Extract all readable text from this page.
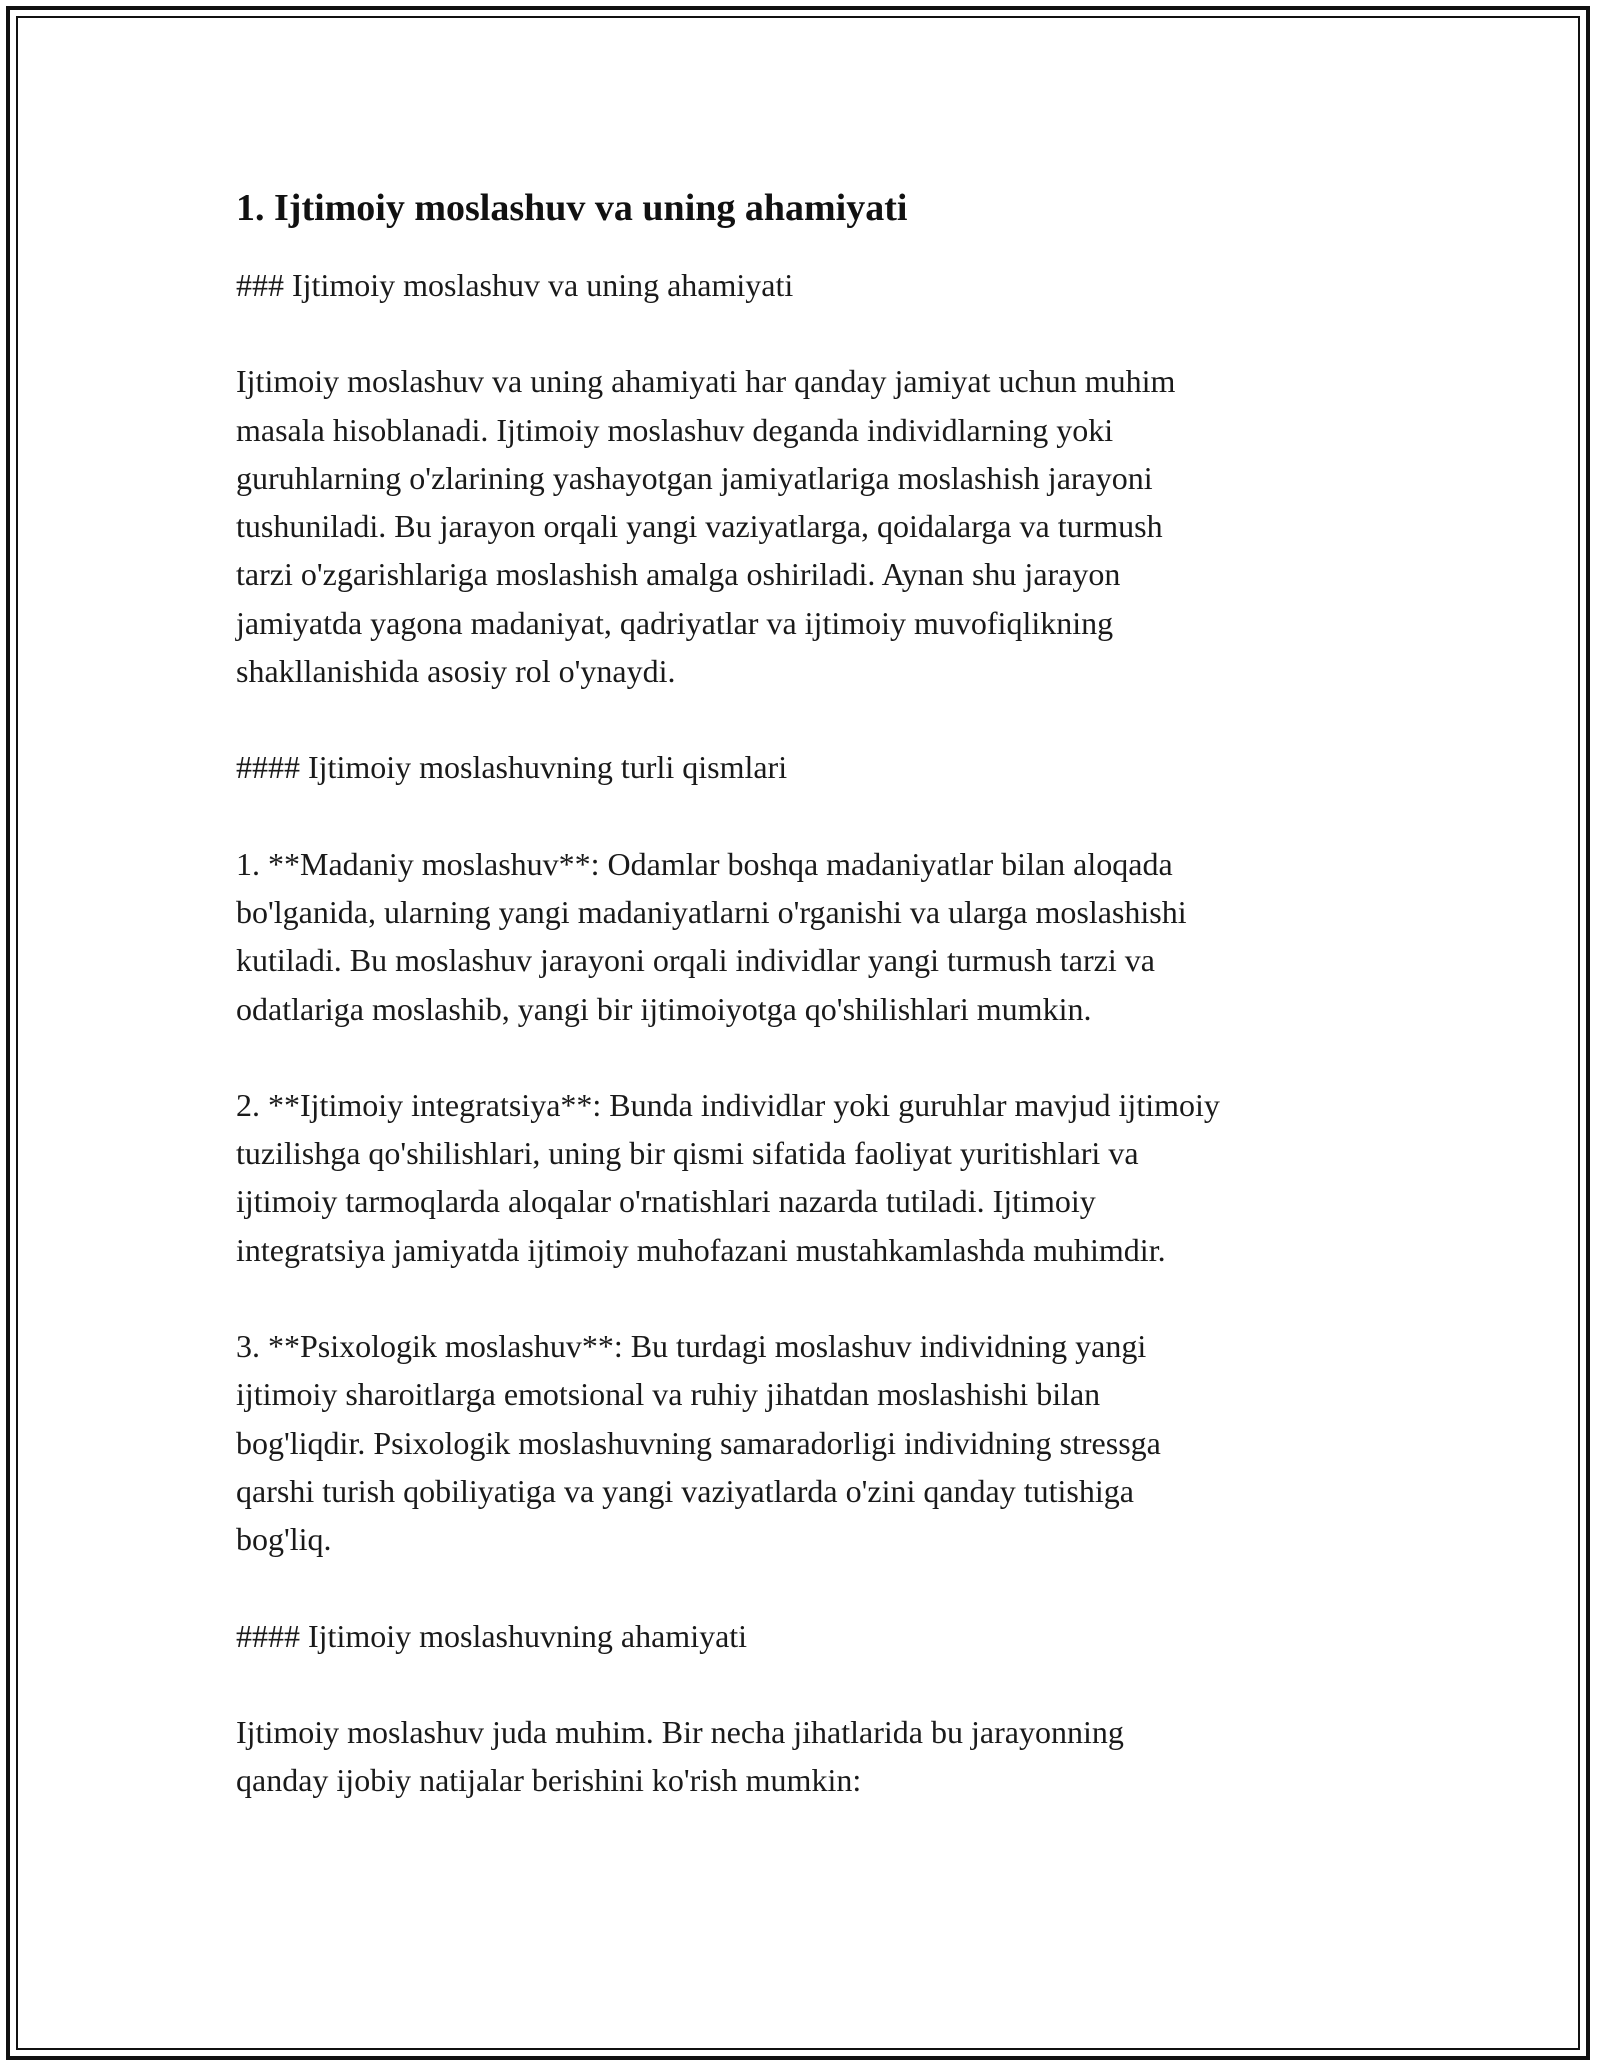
1. Ijtimoiy moslashuv va uning ahamiyati

### Ijtimoiy moslashuv va uning ahamiyati

Ijtimoiy moslashuv va uning ahamiyati har qanday jamiyat uchun muhim
masala hisoblanadi. Ijtimoiy moslashuv deganda individlarning yoki
guruhlarning o'zlarining yashayotgan jamiyatlariga moslashish jarayoni
tushuniladi. Bu jarayon orqali yangi vaziyatlarga, qoidalarga va turmush
tarzi o'zgarishlariga moslashish amalga oshiriladi. Aynan shu jarayon
jamiyatda yagona madaniyat, qadriyatlar va ijtimoiy muvofiqlikning
shakllanishida asosiy rol o'ynaydi.

#### Ijtimoiy moslashuvning turli qismlari

1. **Madaniy moslashuv**: Odamlar boshqa madaniyatlar bilan aloqada
bo'lganida, ularning yangi madaniyatlarni o'rganishi va ularga moslashishi
kutiladi. Bu moslashuv jarayoni orqali individlar yangi turmush tarzi va
odatlariga moslashib, yangi bir ijtimoiyotga qo'shilishlari mumkin.

2. **Ijtimoiy integratsiya**: Bunda individlar yoki guruhlar mavjud ijtimoiy
tuzilishga qo'shilishlari, uning bir qismi sifatida faoliyat yuritishlari va
ijtimoiy tarmoqlarda aloqalar o'rnatishlari nazarda tutiladi. Ijtimoiy
integratsiya jamiyatda ijtimoiy muhofazani mustahkamlashda muhimdir.

3. **Psixologik moslashuv**: Bu turdagi moslashuv individning yangi
ijtimoiy sharoitlarga emotsional va ruhiy jihatdan moslashishi bilan
bog'liqdir. Psixologik moslashuvning samaradorligi individning stressga
qarshi turish qobiliyatiga va yangi vaziyatlarda o'zini qanday tutishiga
bog'liq.

#### Ijtimoiy moslashuvning ahamiyati

Ijtimoiy moslashuv juda muhim. Bir necha jihatlarida bu jarayonning
qanday ijobiy natijalar berishini ko'rish mumkin:
